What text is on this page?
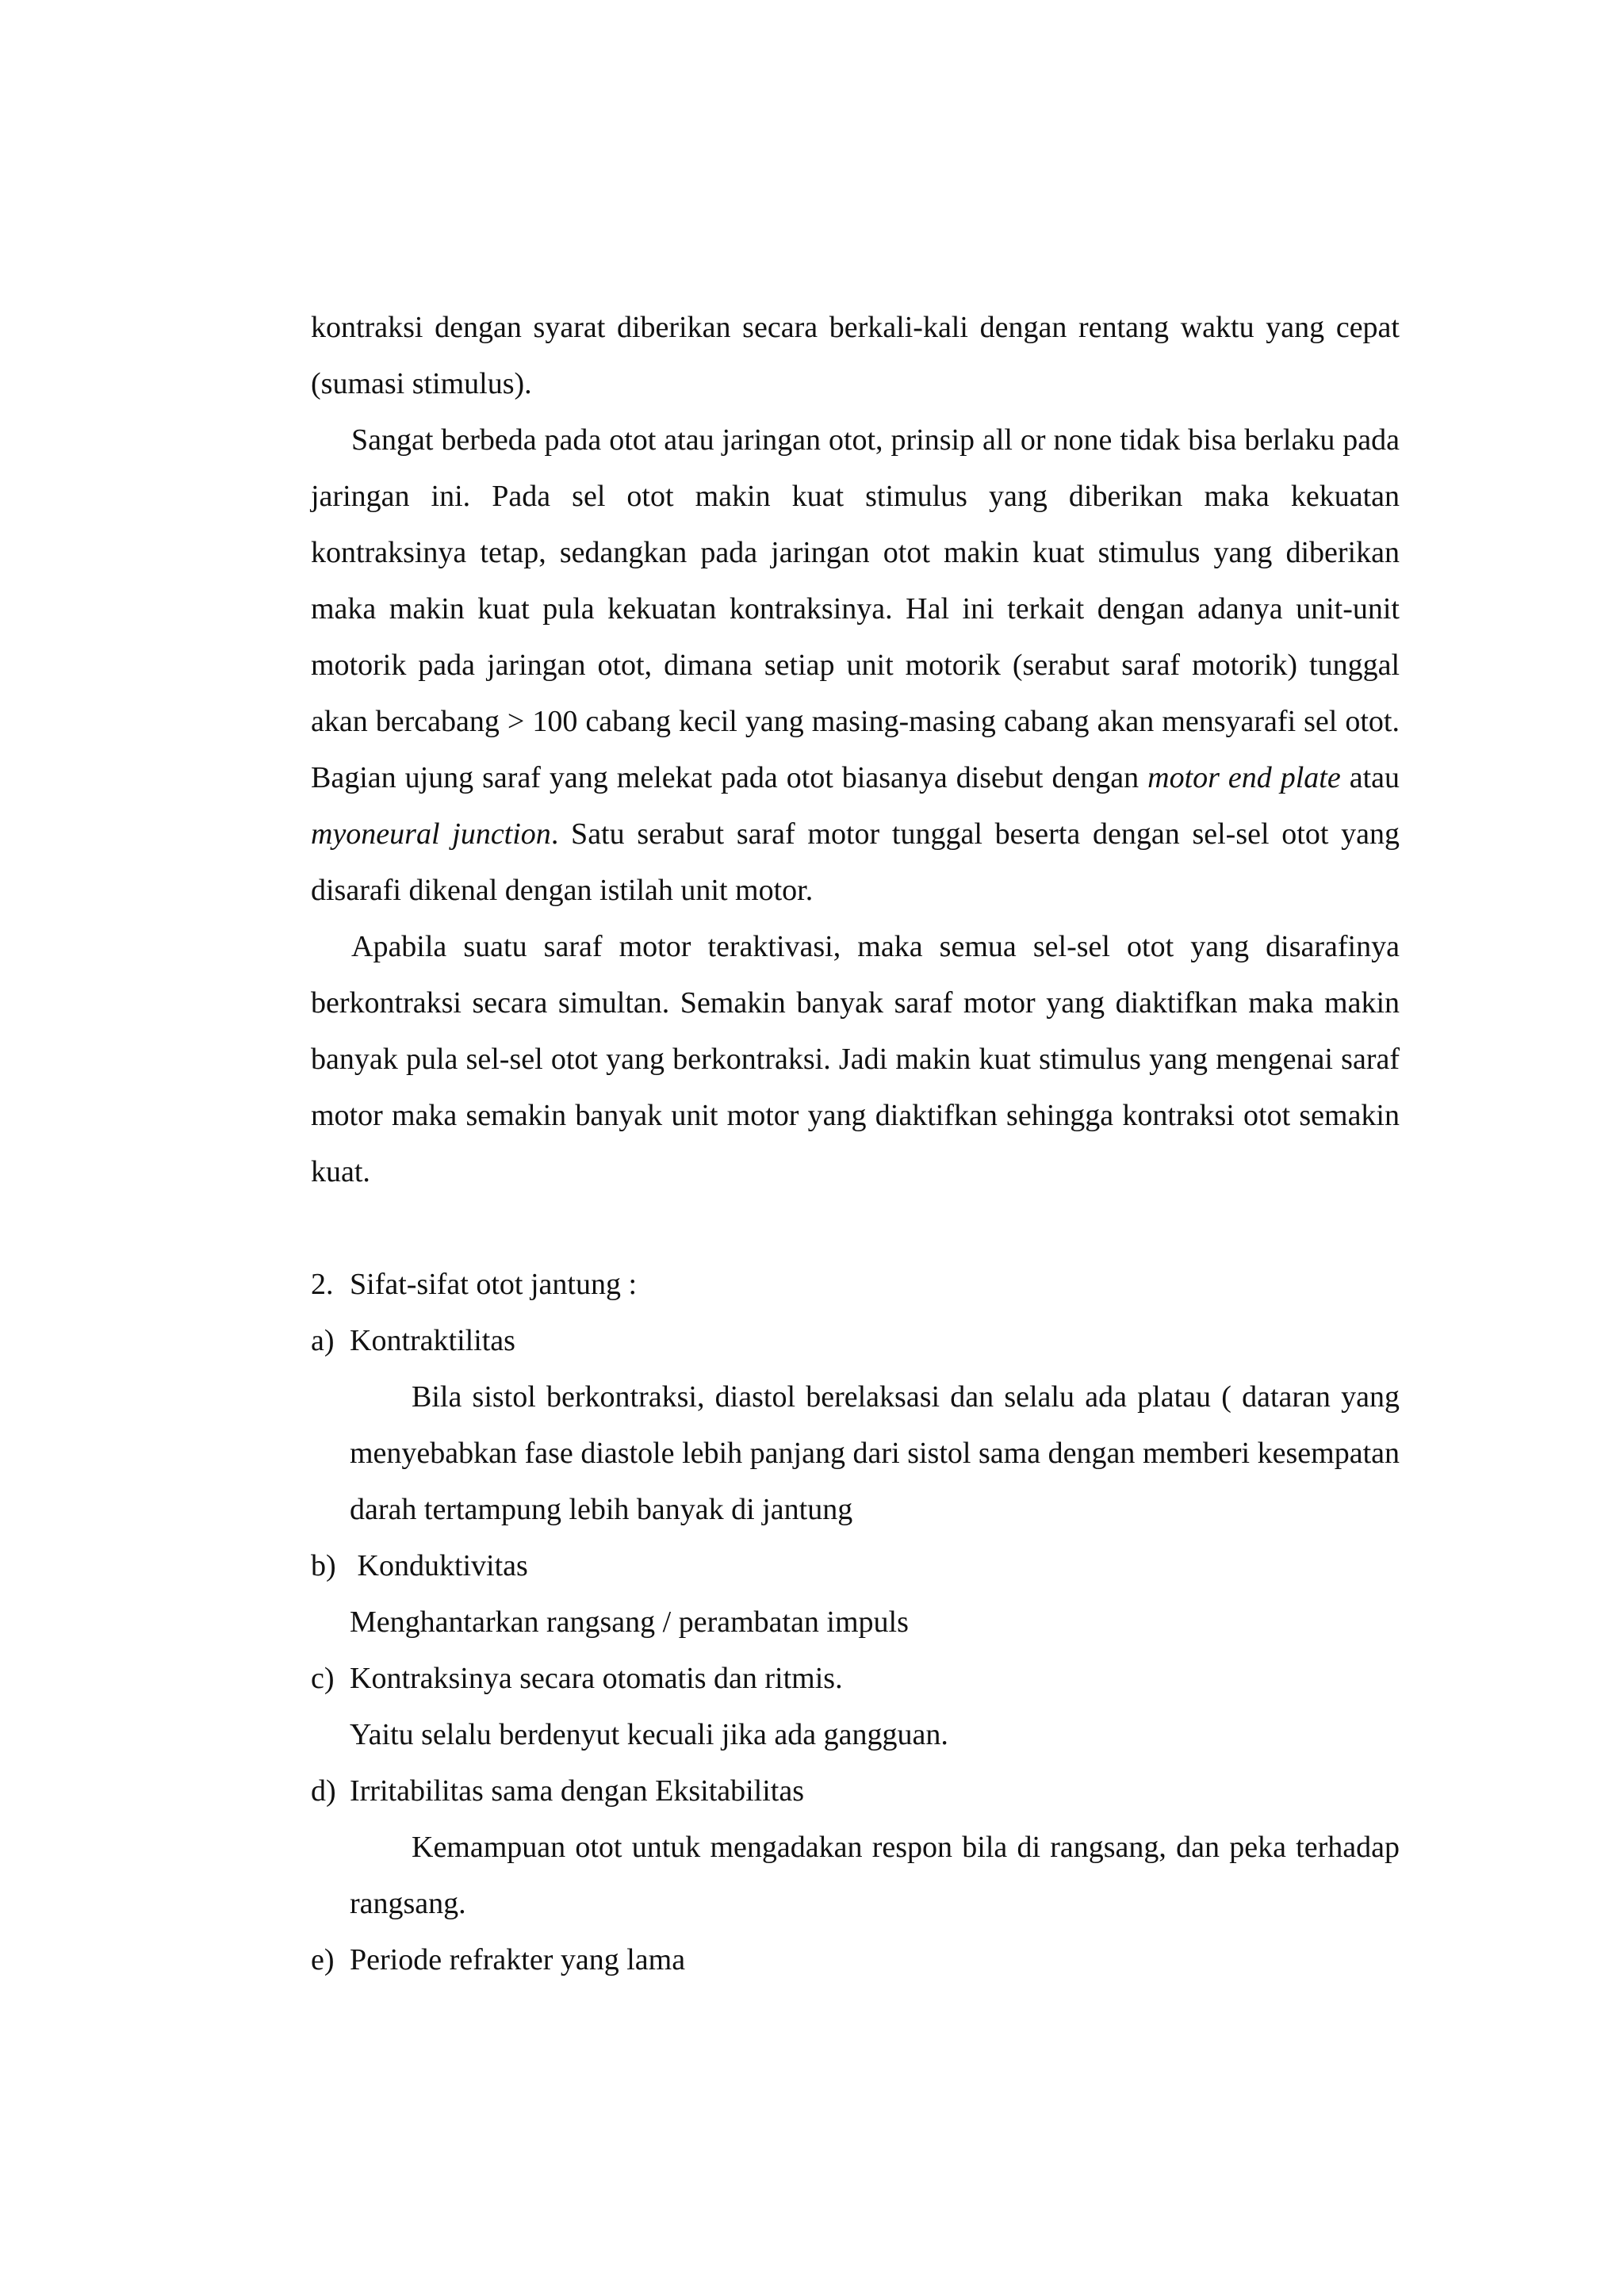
kontraksi dengan syarat diberikan secara berkali-kali dengan rentang waktu yang cepat (sumasi stimulus).

Sangat berbeda pada otot atau jaringan otot, prinsip all or none tidak bisa berlaku pada jaringan ini. Pada sel otot makin kuat stimulus yang diberikan maka kekuatan kontraksinya tetap, sedangkan pada jaringan otot makin kuat stimulus yang diberikan maka makin kuat pula kekuatan kontraksinya. Hal ini terkait dengan adanya unit-unit motorik pada jaringan otot, dimana setiap unit motorik (serabut saraf motorik) tunggal akan bercabang > 100 cabang kecil yang masing-masing cabang akan mensyarafi sel otot. Bagian ujung saraf yang melekat pada otot biasanya disebut dengan motor end plate atau myoneural junction. Satu serabut saraf motor tunggal beserta dengan sel-sel otot yang disarafi dikenal dengan istilah unit motor.

Apabila suatu saraf motor teraktivasi, maka semua sel-sel otot yang disarafinya berkontraksi secara simultan. Semakin banyak saraf motor yang diaktifkan maka makin banyak pula sel-sel otot yang berkontraksi. Jadi makin kuat stimulus yang mengenai saraf motor maka semakin banyak unit motor yang diaktifkan sehingga kontraksi otot semakin kuat.

2. Sifat-sifat otot jantung :
a) Kontraktilitas

Bila sistol berkontraksi, diastol berelaksasi dan selalu ada platau ( dataran yang menyebabkan fase diastole lebih panjang dari sistol sama dengan memberi kesempatan darah tertampung lebih banyak di jantung

b) Konduktivitas

Menghantarkan rangsang / perambatan impuls

c) Kontraksinya secara otomatis dan ritmis.

Yaitu selalu berdenyut kecuali jika ada gangguan.

d) Irritabilitas sama dengan Eksitabilitas

Kemampuan otot untuk mengadakan respon bila di rangsang, dan peka terhadap rangsang.

e) Periode refrakter yang lama
